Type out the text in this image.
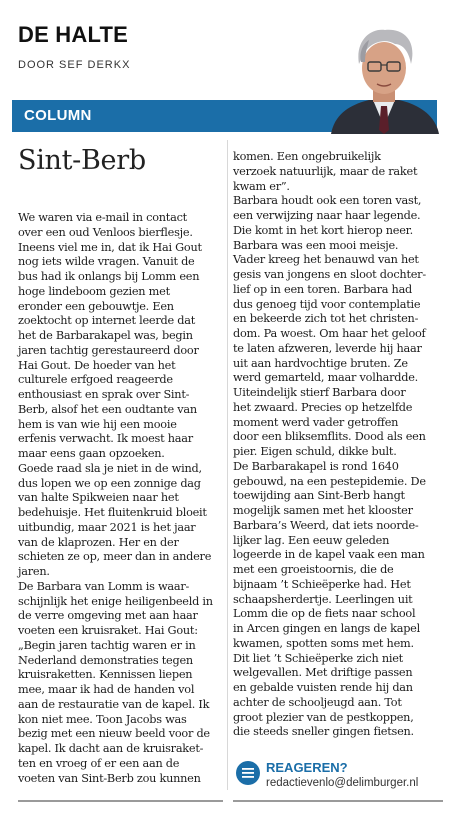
DE HALTE
DOOR SEF DERKX
COLUMN
Sint-Berb
We waren via e-mail in contact
over een oud Venloos bierflesje.
Ineens viel me in, dat ik Hai Gout
nog iets wilde vragen. Vanuit de
bus had ik onlangs bij Lomm een
hoge lindeboom gezien met
eronder een gebouwtje. Een
zoektocht op internet leerde dat
het de Barbarakapel was, begin
jaren tachtig gerestaureerd door
Hai Gout. De hoeder van het
culturele erfgoed reageerde
enthousiast en sprak over Sint-
Berb, alsof het een oudtante van
hem is van wie hij een mooie
erfenis verwacht. Ik moest haar
maar eens gaan opzoeken.
Goede raad sla je niet in de wind,
dus lopen we op een zonnige dag
van halte Spikweien naar het
bedehuisje. Het fluitenkruid bloeit
uitbundig, maar 2021 is het jaar
van de klaprozen. Her en der
schieten ze op, meer dan in andere
jaren.
De Barbara van Lomm is waar-
schijnlijk het enige heiligenbeeld in
de verre omgeving met aan haar
voeten een kruisraket. Hai Gout:
„Begin jaren tachtig waren er in
Nederland demonstraties tegen
kruisraketten. Kennissen liepen
mee, maar ik had de handen vol
aan de restauratie van de kapel. Ik
kon niet mee. Toon Jacobs was
bezig met een nieuw beeld voor de
kapel. Ik dacht aan de kruisraket-
ten en vroeg of er een aan de
voeten van Sint-Berb zou kunnen
komen. Een ongebruikelijk
verzoek natuurlijk, maar de raket
kwam er”.
Barbara houdt ook een toren vast,
een verwijzing naar haar legende.
Die komt in het kort hierop neer.
Barbara was een mooi meisje.
Vader kreeg het benauwd van het
gesis van jongens en sloot dochter-
lief op in een toren. Barbara had
dus genoeg tijd voor contemplatie
en bekeerde zich tot het christen-
dom. Pa woest. Om haar het geloof
te laten afzweren, leverde hij haar
uit aan hardvochtige bruten. Ze
werd gemarteld, maar volhardde.
Uiteindelijk stierf Barbara door
het zwaard. Precies op hetzelfde
moment werd vader getroffen
door een bliksemflits. Dood als een
pier. Eigen schuld, dikke bult.
De Barbarakapel is rond 1640
gebouwd, na een pestepidemie. De
toewijding aan Sint-Berb hangt
mogelijk samen met het klooster
Barbara’s Weerd, dat iets noorde-
lijker lag. Een eeuw geleden
logeerde in de kapel vaak een man
met een groeistoornis, die de
bijnaam ’t Schieëperke had. Het
schaapsherdertje. Leerlingen uit
Lomm die op de fiets naar school
in Arcen gingen en langs de kapel
kwamen, spotten soms met hem.
Dit liet ’t Schieëperke zich niet
welgevallen. Met driftige passen
en gebalde vuisten rende hij dan
achter de schooljeugd aan. Tot
groot plezier van de pestkoppen,
die steeds sneller gingen fietsen.
REAGEREN?
redactievenlo@delimburger.nl
